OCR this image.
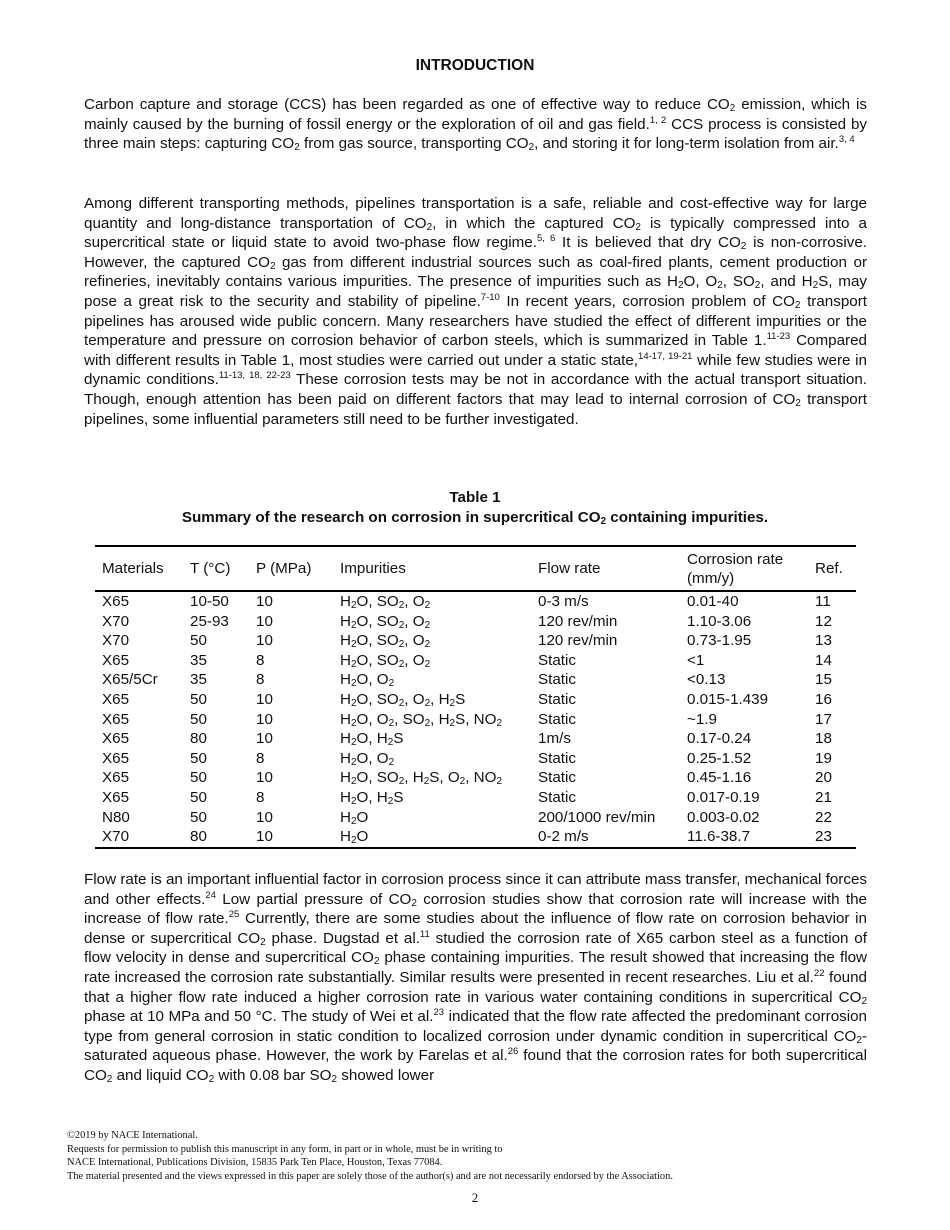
INTRODUCTION

Carbon capture and storage (CCS) has been regarded as one of effective way to reduce $CO_2$ emission, which is mainly caused by the burning of fossil energy or the exploration of oil and gas field.$^{1, 2}$ CCS process is consisted by three main steps: capturing $CO_2$ from gas source, transporting $CO_2$, and storing it for long-term isolation from air.$^{3, 4}$

Among different transporting methods, pipelines transportation is a safe, reliable and cost-effective way for large quantity and long-distance transportation of $CO_2$, in which the captured $CO_2$ is typically compressed into a supercritical state or liquid state to avoid two-phase flow regime.$^{5, 6}$ It is believed that dry $CO_2$ is non-corrosive. However, the captured $CO_2$ gas from different industrial sources such as coal-fired plants, cement production or refineries, inevitably contains various impurities. The presence of impurities such as $H_2O$, $O_2$, $SO_2$, and $H_2S$, may pose a great risk to the security and stability of pipeline.$^{7-10}$ In recent years, corrosion problem of $CO_2$ transport pipelines has aroused wide public concern. Many researchers have studied the effect of different impurities or the temperature and pressure on corrosion behavior of carbon steels, which is summarized in Table 1.$^{11-23}$ Compared with different results in Table 1, most studies were carried out under a static state,$^{14-17, 19-21}$ while few studies were in dynamic conditions.$^{11-13, 18, 22-23}$ These corrosion tests may be not in accordance with the actual transport situation. Though, enough attention has been paid on different factors that may lead to internal corrosion of $CO_2$ transport pipelines, some influential parameters still need to be further investigated.

Table 1
Summary of the research on corrosion in supercritical $CO_2$ containing impurities.
Materials	T (°C)	P (MPa)	Impurities	Flow rate	Corrosion rate (mm/y)	Ref.
X65	10-50	10	$H_2O$, $SO_2$, $O_2$	0-3 m/s	0.01-40	11
X70	25-93	10	$H_2O$, $SO_2$, $O_2$	120 rev/min	1.10-3.06	12
X70	50	10	$H_2O$, $SO_2$, $O_2$	120 rev/min	0.73-1.95	13
X65	35	8	$H_2O$, $SO_2$, $O_2$	Static	<1	14
X65/5Cr	35	8	$H_2O$, $O_2$	Static	<0.13	15
X65	50	10	$H_2O$, $SO_2$, $O_2$, $H_2S$	Static	0.015-1.439	16
X65	50	10	$H_2O$, $O_2$, $SO_2$, $H_2S$, $NO_2$	Static	~1.9	17
X65	80	10	$H_2O$, $H_2S$	1m/s	0.17-0.24	18
X65	50	8	$H_2O$, $O_2$	Static	0.25-1.52	19
X65	50	10	$H_2O$, $SO_2$, $H_2S$, $O_2$, $NO_2$	Static	0.45-1.16	20
X65	50	8	$H_2O$, $H_2S$	Static	0.017-0.19	21
N80	50	10	$H_2O$	200/1000 rev/min	0.003-0.02	22
X70	80	10	$H_2O$	0-2 m/s	11.6-38.7	23

Flow rate is an important influential factor in corrosion process since it can attribute mass transfer, mechanical forces and other effects.$^{24}$ Low partial pressure of $CO_2$ corrosion studies show that corrosion rate will increase with the increase of flow rate.$^{25}$ Currently, there are some studies about the influence of flow rate on corrosion behavior in dense or supercritical $CO_2$ phase. Dugstad et al.$^{11}$ studied the corrosion rate of X65 carbon steel as a function of flow velocity in dense and supercritical $CO_2$ phase containing impurities. The result showed that increasing the flow rate increased the corrosion rate substantially. Similar results were presented in recent researches. Liu et al.$^{22}$ found that a higher flow rate induced a higher corrosion rate in various water containing conditions in supercritical $CO_2$ phase at 10 MPa and 50 °C. The study of Wei et al.$^{23}$ indicated that the flow rate affected the predominant corrosion type from general corrosion in static condition to localized corrosion under dynamic condition in supercritical $CO_2$-saturated aqueous phase. However, the work by Farelas et al.$^{26}$ found that the corrosion rates for both supercritical $CO_2$ and liquid $CO_2$ with 0.08 bar $SO_2$ showed lower

©2019 by NACE International.
Requests for permission to publish this manuscript in any form, in part or in whole, must be in writing to
NACE International, Publications Division, 15835 Park Ten Place, Houston, Texas 77084.
The material presented and the views expressed in this paper are solely those of the author(s) and are not necessarily endorsed by the Association.
2
